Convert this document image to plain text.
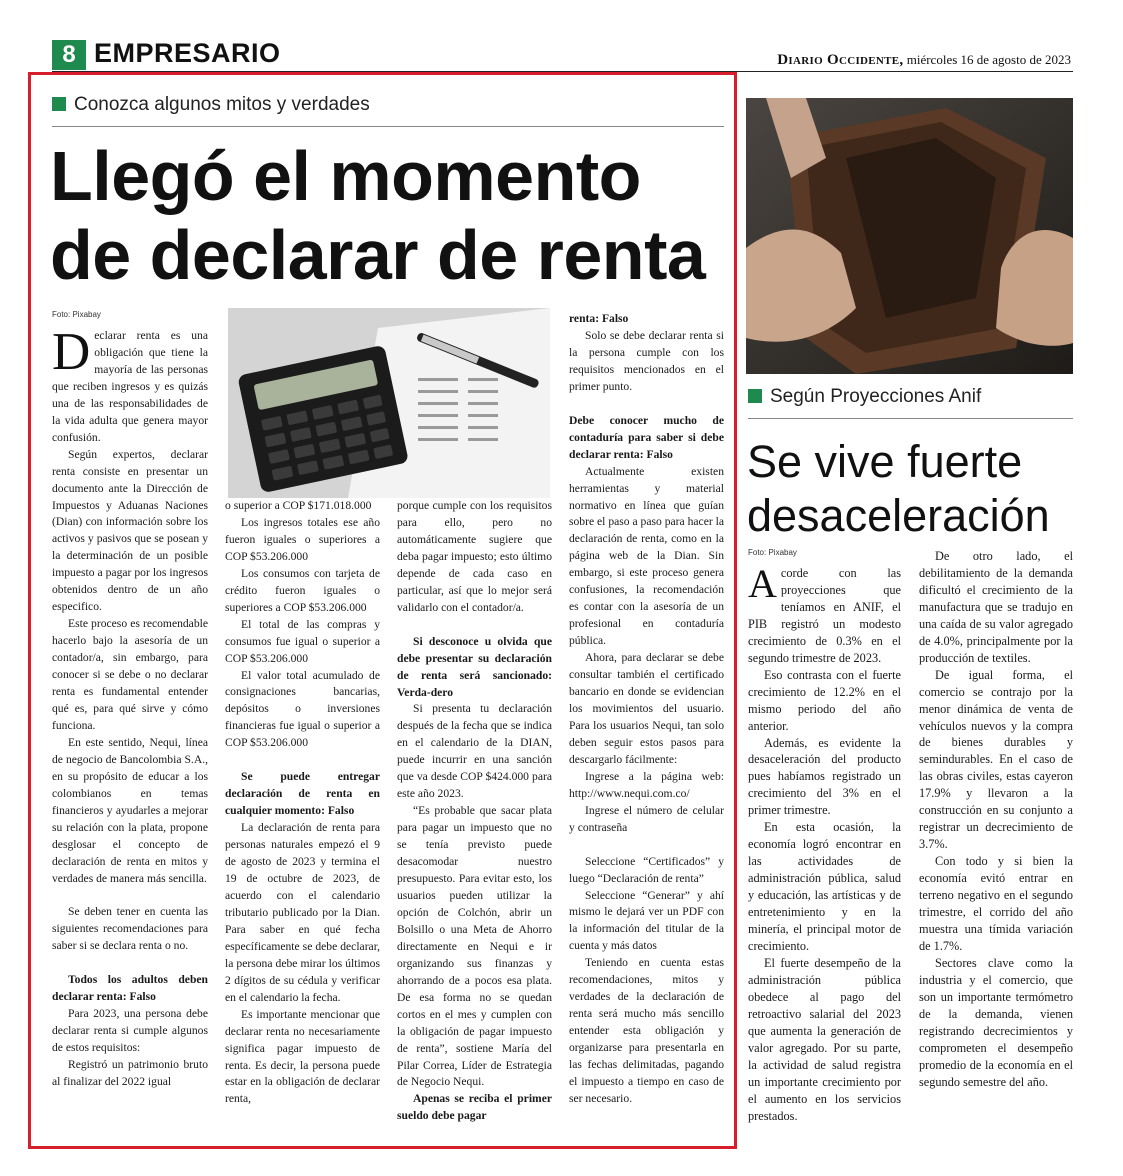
8 EMPRESARIO	Diario Occidente, miércoles 16 de agosto de 2023
Conozca algunos mitos y verdades
Llegó el momento
de declarar de renta
Foto: Pixabay
D eclarar renta es una obligación que tiene la mayoría de las personas que reciben ingresos y es quizás una de las responsabilidades de la vida adulta que genera mayor confusión.

Según expertos, declarar renta consiste en presentar un documento ante la Dirección de Impuestos y Aduanas Naciones (Dian) con información sobre los activos y pasivos que se posean y la determinación de un posible impuesto a pagar por los ingresos obtenidos dentro de un año especifico.

Este proceso es recomendable hacerlo bajo la asesoría de un contador/a, sin embargo, para conocer si se debe o no declarar renta es fundamental entender qué es, para qué sirve y cómo funciona.

En este sentido, Nequi, línea de negocio de Bancolombia S.A., en su propósito de educar a los colombianos en temas financieros y ayudarles a mejorar su relación con la plata, propone desglosar el concepto de declaración de renta en mitos y verdades de manera más sencilla.

Se deben tener en cuenta las siguientes recomendaciones para saber si se declara renta o no.

Todos los adultos deben declarar renta: Falso

Para 2023, una persona debe declarar renta si cumple algunos de estos requisitos:

Registró un patrimonio bruto al finalizar del 2022 igual

o superior a COP $171.018.000

Los ingresos totales ese año fueron iguales o superiores a COP $53.206.000

Los consumos con tarjeta de crédito fueron iguales o superiores a COP $53.206.000

El total de las compras y consumos fue igual o superior a COP $53.206.000

El valor total acumulado de consignaciones bancarias, depósitos o inversiones financieras fue igual o superior a COP $53.206.000

Se puede entregar declaración de renta en cualquier momento: Falso

La declaración de renta para personas naturales empezó el 9 de agosto de 2023 y termina el 19 de octubre de 2023, de acuerdo con el calendario tributario publicado por la Dian. Para saber en qué fecha específicamente se debe declarar, la persona debe mirar los últimos 2 dígitos de su cédula y verificar en el calendario la fecha.

Es importante mencionar que declarar renta no necesariamente significa pagar impuesto de renta. Es decir, la persona puede estar en la obligación de declarar renta,

porque cumple con los requisitos para ello, pero no automáticamente sugiere que deba pagar impuesto; esto último depende de cada caso en particular, así que lo mejor será validarlo con el contador/a.

Si desconoce u olvida que debe presentar su declaración de renta será sancionado: Verda-dero

Si presenta tu declaración después de la fecha que se indica en el calendario de la DIAN, puede incurrir en una sanción que va desde COP $424.000 para este año 2023.

“Es probable que sacar plata para pagar un impuesto que no se tenía previsto puede desacomodar nuestro presupuesto. Para evitar esto, los usuarios pueden utilizar la opción de Colchón, abrir un Bolsillo o una Meta de Ahorro directamente en Nequi e ir organizando sus finanzas y ahorrando de a pocos esa plata. De esa forma no se quedan cortos en el mes y cumplen con la obligación de pagar impuesto de renta”, sostiene María del Pilar Correa, Líder de Estrategia de Negocio Nequi.

Apenas se reciba el primer sueldo debe pagar

renta: Falso

Solo se debe declarar renta si la persona cumple con los requisitos mencionados en el primer punto.

Debe conocer mucho de contaduría para saber si debe declarar renta: Falso

Actualmente existen herramientas y material normativo en línea que guían sobre el paso a paso para hacer la declaración de renta, como en la página web de la Dian. Sin embargo, si este proceso genera confusiones, la recomendación es contar con la asesoría de un profesional en contaduría pública.

Ahora, para declarar se debe consultar también el certificado bancario en donde se evidencian los movimientos del usuario. Para los usuarios Nequi, tan solo deben seguir estos pasos para descargarlo fácilmente:

Ingrese a la página web: http://www.nequi.com.co/

Ingrese el número de celular y contraseña

Seleccione “Certificados” y luego “Declaración de renta”

Seleccione “Generar” y ahí mismo le dejará ver un PDF con la información del titular de la cuenta y más datos

Teniendo en cuenta estas recomendaciones, mitos y verdades de la declaración de renta será mucho más sencillo entender esta obligación y organizarse para presentarla en las fechas delimitadas, pagando el impuesto a tiempo en caso de ser necesario.

Según Proyecciones Anif
Se vive fuerte
desaceleración
Foto: Pixabay
A corde con las proyecciones que teníamos en ANIF, el PIB registró un modesto crecimiento de 0.3% en el segundo trimestre de 2023.

Eso contrasta con el fuerte crecimiento de 12.2% en el mismo periodo del año anterior.

Además, es evidente la desaceleración del producto pues habíamos registrado un crecimiento del 3% en el primer trimestre.

En esta ocasión, la economía logró encontrar en las actividades de administración pública, salud y educación, las artísticas y de entretenimiento y en la minería, el principal motor de crecimiento.

El fuerte desempeño de la administración pública obedece al pago del retroactivo salarial del 2023 que aumenta la generación de valor agregado. Por su parte, la actividad de salud registra un importante crecimiento por el aumento en los servicios prestados.

De otro lado, el debilitamiento de la demanda dificultó el crecimiento de la manufactura que se tradujo en una caída de su valor agregado de 4.0%, principalmente por la producción de textiles.

De igual forma, el comercio se contrajo por la menor dinámica de venta de vehículos nuevos y la compra de bienes durables y semindurables. En el caso de las obras civiles, estas cayeron 17.9% y llevaron a la construcción en su conjunto a registrar un decrecimiento de 3.7%.

Con todo y si bien la economía evitó entrar en terreno negativo en el segundo trimestre, el corrido del año muestra una tímida variación de 1.7%.

Sectores clave como la industria y el comercio, que son un importante termómetro de la demanda, vienen registrando decrecimientos y comprometen el desempeño promedio de la economía en el segundo semestre del año.
